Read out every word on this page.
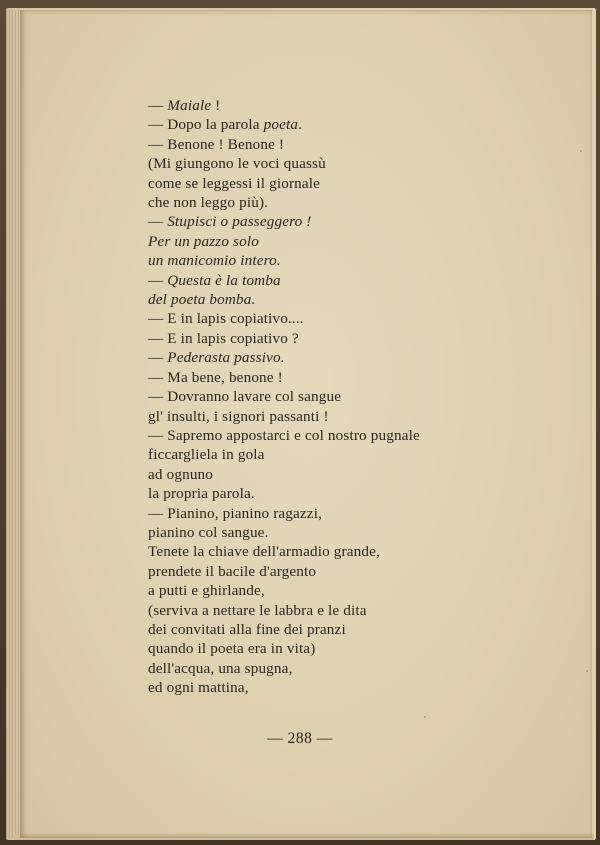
— Maiale !
— Dopo la parola poeta.
— Benone ! Benone !
(Mi giungono le voci quassù
come se leggessi il giornale
che non leggo più).
— Stupisci o passeggero !
Per un pazzo solo
un manicomio intero.
— Questa è la tomba
del poeta bomba.
— E in lapis copiativo....
— E in lapis copiativo ?
— Pederasta passivo.
— Ma bene, benone !
— Dovranno lavare col sangue
gl' insulti, i signori passanti !
— Sapremo appostarci e col nostro pugnale
ficcargliela in gola
ad ognuno
la propria parola.
— Pianino, pianino ragazzi,
pianino col sangue.
Tenete la chiave dell'armadio grande,
prendete il bacile d'argento
a putti e ghirlande,
(serviva a nettare le labbra e le dita
dei convitati alla fine dei pranzi
quando il poeta era in vita)
dell'acqua, una spugna,
ed ogni mattina,
— 288 —
